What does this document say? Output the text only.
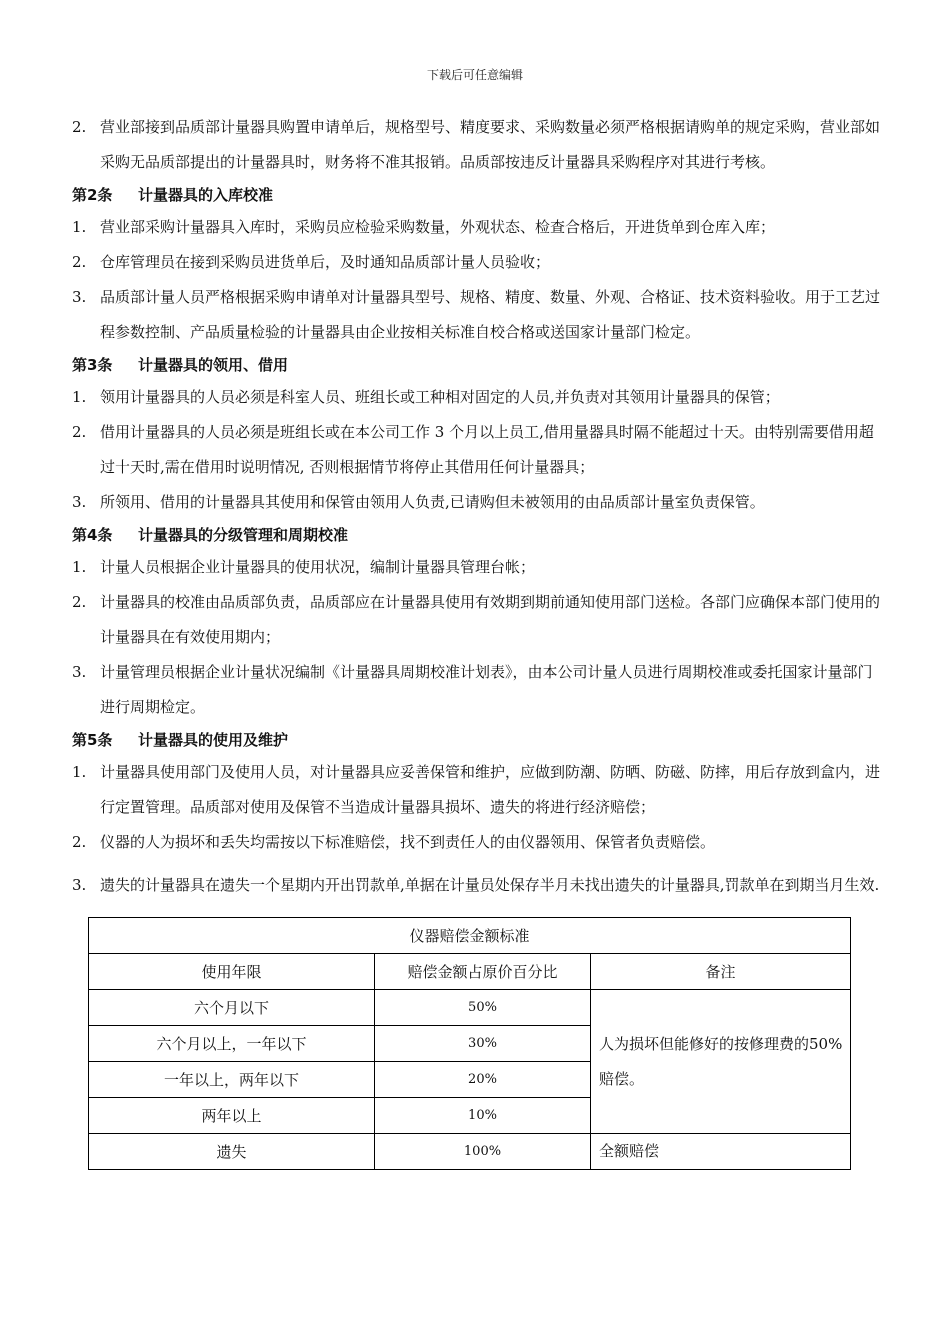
下载后可任意编辑
2. 营业部接到品质部计量器具购置申请单后，规格型号、精度要求、采购数量必须严格根据请购单的规定采购，营业部如采购无品质部提出的计量器具时，财务将不准其报销。品质部按违反计量器具采购程序对其进行考核。
第2条 计量器具的入库校准
1. 营业部采购计量器具入库时，采购员应检验采购数量，外观状态、检查合格后，开进货单到仓库入库；
2. 仓库管理员在接到采购员进货单后，及时通知品质部计量人员验收；
3. 品质部计量人员严格根据采购申请单对计量器具型号、规格、精度、数量、外观、合格证、技术资料验收。用于工艺过程参数控制、产品质量检验的计量器具由企业按相关标准自校合格或送国家计量部门检定。
第3条 计量器具的领用、借用
1. 领用计量器具的人员必须是科室人员、班组长或工种相对固定的人员,并负责对其领用计量器具的保管；
2. 借用计量器具的人员必须是班组长或在本公司工作 3 个月以上员工,借用量器具时隔不能超过十天。由特别需要借用超过十天时,需在借用时说明情况, 否则根据情节将停止其借用任何计量器具；
3. 所领用、借用的计量器具其使用和保管由领用人负责,已请购但未被领用的由品质部计量室负责保管。
第4条 计量器具的分级管理和周期校准
1. 计量人员根据企业计量器具的使用状况，编制计量器具管理台帐；
2. 计量器具的校准由品质部负责，品质部应在计量器具使用有效期到期前通知使用部门送检。各部门应确保本部门使用的计量器具在有效使用期内；
3. 计量管理员根据企业计量状况编制《计量器具周期校准计划表》，由本公司计量人员进行周期校准或委托国家计量部门进行周期检定。
第5条 计量器具的使用及维护
1. 计量器具使用部门及使用人员，对计量器具应妥善保管和维护，应做到防潮、防晒、防磁、防摔，用后存放到盒内，进行定置管理。品质部对使用及保管不当造成计量器具损坏、遗失的将进行经济赔偿；
2. 仪器的人为损坏和丢失均需按以下标准赔偿，找不到责任人的由仪器领用、保管者负责赔偿。
3. 遗失的计量器具在遗失一个星期内开出罚款单,单据在计量员处保存半月未找出遗失的计量器具,罚款单在到期当月生效.
仪器赔偿金额标准		
使用年限	赔偿金额占原价百分比	备注
六个月以下	50%	人为损坏但能修好的按修理费的50%赔偿。
六个月以上，一年以下	30%	
一年以上，两年以下	20%	
两年以上	10%	
遗失	100%	全额赔偿
